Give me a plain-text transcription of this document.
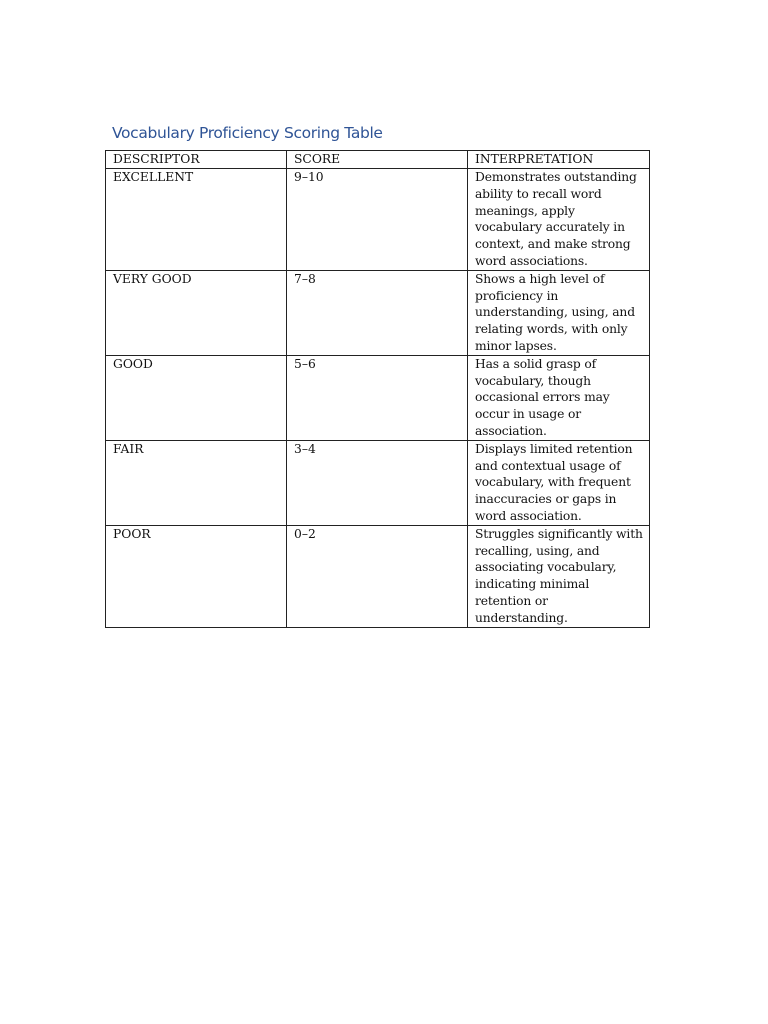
Vocabulary Proficiency Scoring Table
DESCRIPTOR	SCORE	INTERPRETATION
EXCELLENT	9–10	Demonstrates outstanding ability to recall word meanings, apply vocabulary accurately in context, and make strong word associations.
VERY GOOD	7–8	Shows a high level of proficiency in understanding, using, and relating words, with only minor lapses.
GOOD	5–6	Has a solid grasp of vocabulary, though occasional errors may occur in usage or association.
FAIR	3–4	Displays limited retention and contextual usage of vocabulary, with frequent inaccuracies or gaps in word association.
POOR	0–2	Struggles significantly with recalling, using, and associating vocabulary, indicating minimal retention or understanding.
